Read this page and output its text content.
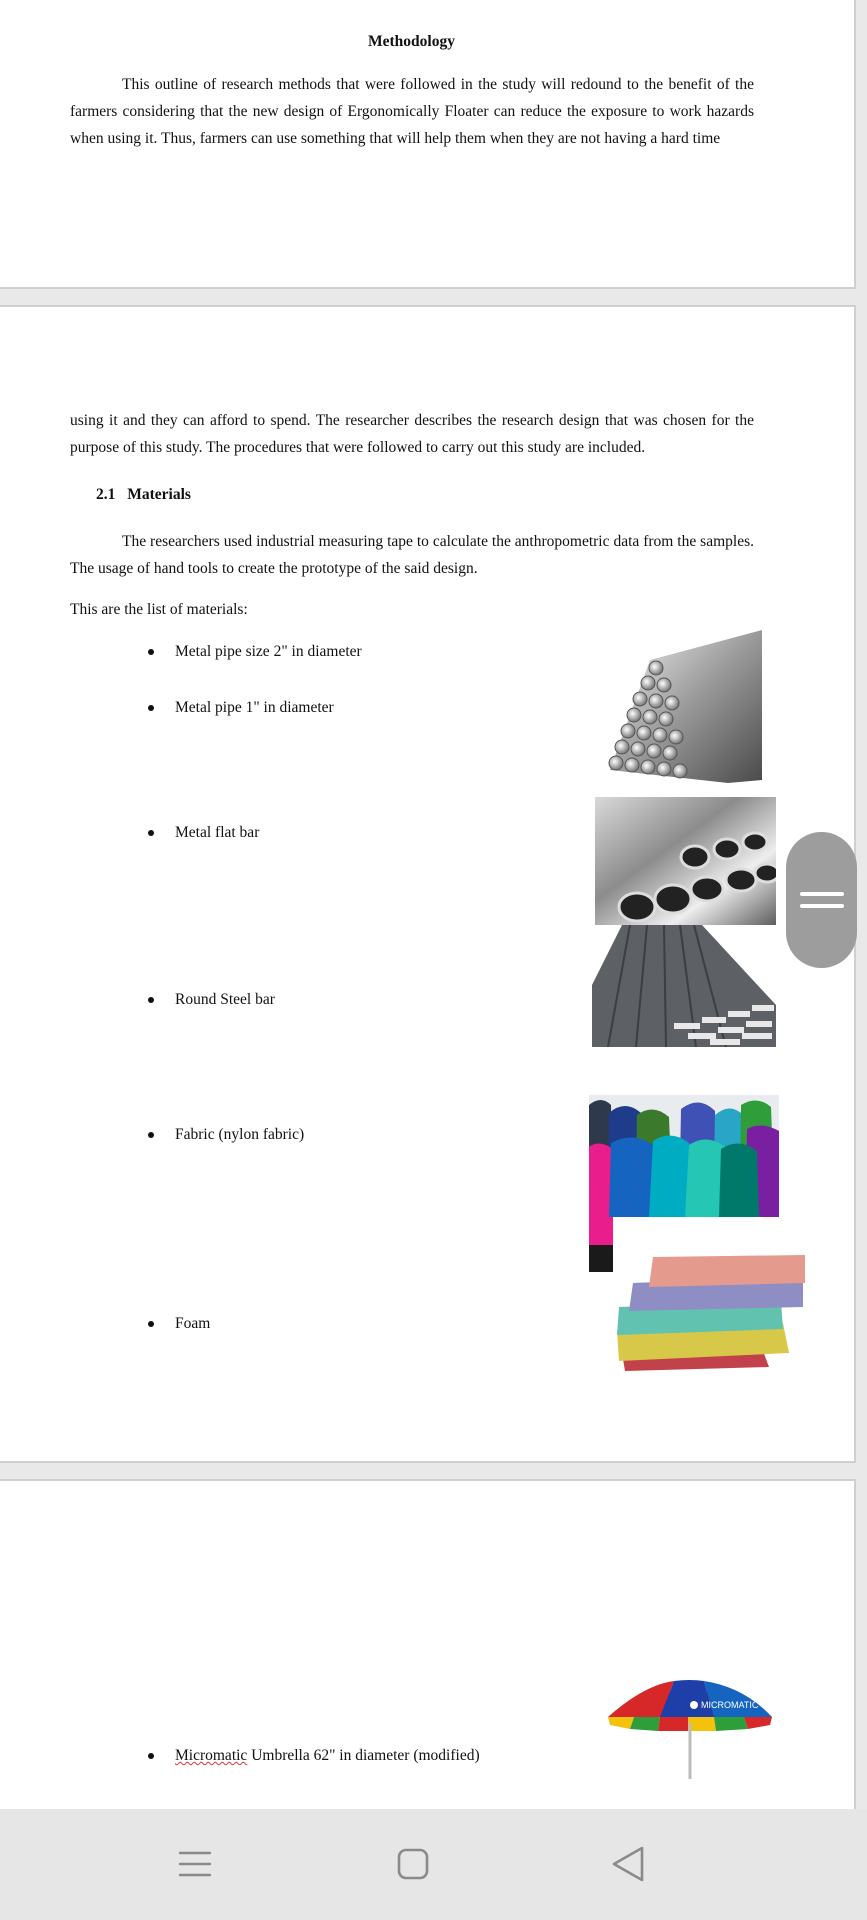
Methodology

This outline of research methods that were followed in the study will redound to the benefit of the farmers considering that the new design of Ergonomically Floater can reduce the exposure to work hazards when using it. Thus, farmers can use something that will help them when they are not having a hard time

using it and they can afford to spend. The researcher describes the research design that was chosen for the purpose of this study. The procedures that were followed to carry out this study are included.

2.1 Materials

The researchers used industrial measuring tape to calculate the anthropometric data from the samples. The usage of hand tools to create the prototype of the said design.

This are the list of materials:
Metal pipe size 2" in diameter
Metal pipe 1" in diameter
Metal flat bar
Round Steel bar
Fabric (nylon fabric)
Foam
MICROMATIC
Micromatic Umbrella 62" in diameter (modified)
